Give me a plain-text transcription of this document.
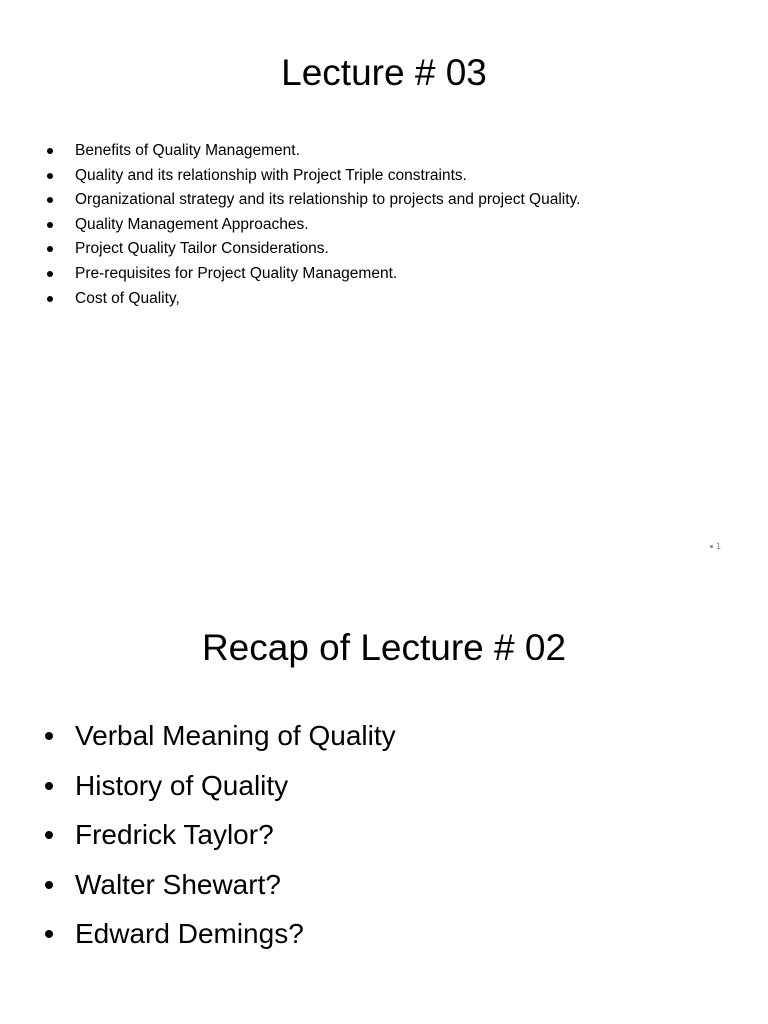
Lecture # 03
Benefits of Quality Management.
Quality and its relationship with Project Triple constraints.
Organizational strategy and its relationship to projects and project Quality.
Quality Management Approaches.
Project Quality Tailor Considerations.
Pre-requisites for Project Quality Management.
Cost of Quality,
1
Recap of Lecture # 02
Verbal Meaning of Quality
History of Quality
Fredrick Taylor?
Walter Shewart?
Edward Demings?
